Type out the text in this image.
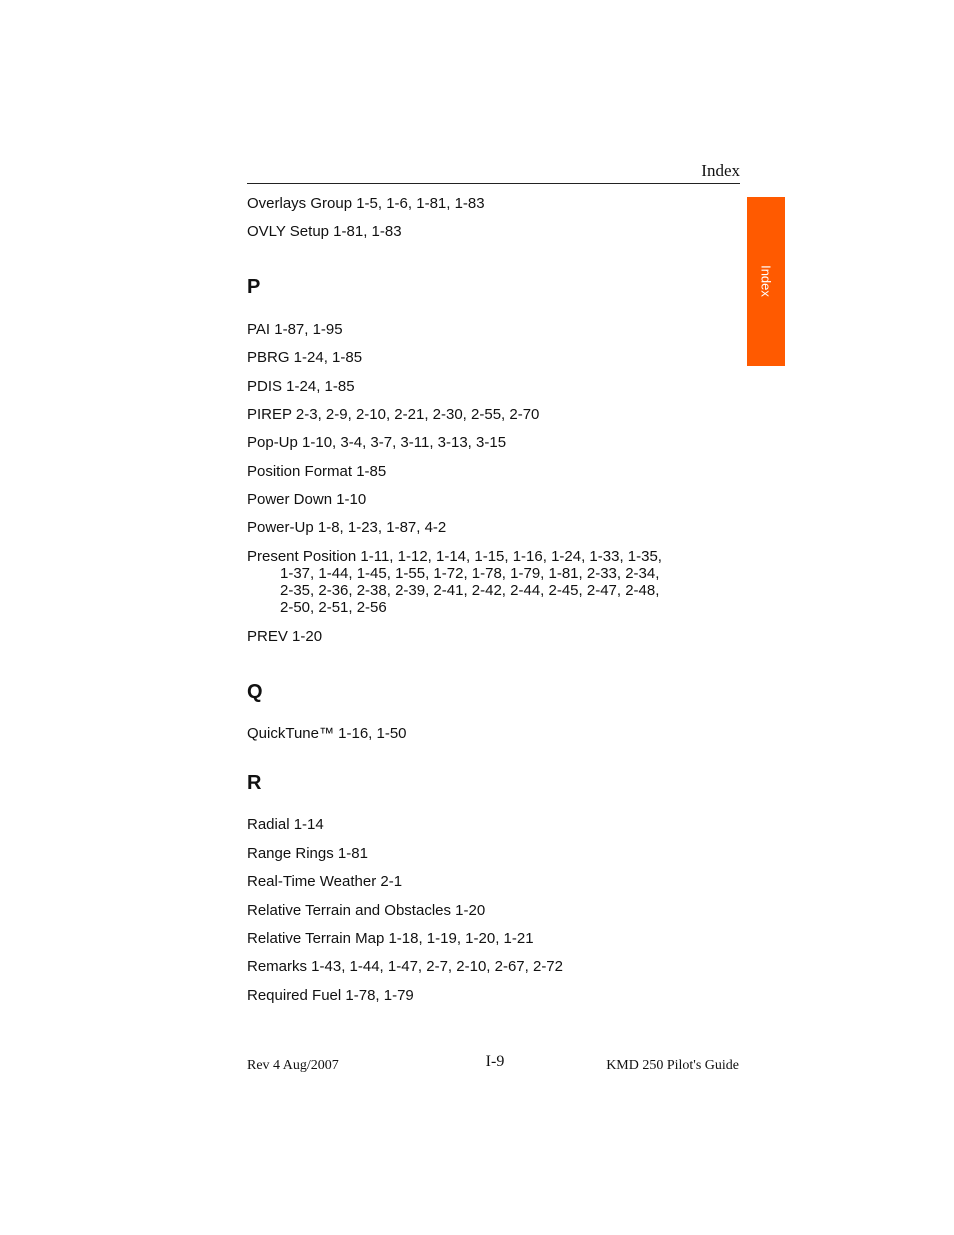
Index
Index

Overlays Group 1-5, 1-6, 1-81, 1-83

OVLY Setup 1-81, 1-83

P

PAI 1-87, 1-95

PBRG 1-24, 1-85

PDIS 1-24, 1-85

PIREP 2-3, 2-9, 2-10, 2-21, 2-30, 2-55, 2-70

Pop-Up 1-10, 3-4, 3-7, 3-11, 3-13, 3-15

Position Format 1-85

Power Down 1-10

Power-Up 1-8, 1-23, 1-87, 4-2

Present Position 1-11, 1-12, 1-14, 1-15, 1-16, 1-24, 1-33, 1-35,
1-37, 1-44, 1-45, 1-55, 1-72, 1-78, 1-79, 1-81, 2-33, 2-34,
2-35, 2-36, 2-38, 2-39, 2-41, 2-42, 2-44, 2-45, 2-47, 2-48,
2-50, 2-51, 2-56

PREV 1-20

Q

QuickTune™ 1-16, 1-50

R

Radial 1-14

Range Rings 1-81

Real-Time Weather 2-1

Relative Terrain and Obstacles 1-20

Relative Terrain Map 1-18, 1-19, 1-20, 1-21

Remarks 1-43, 1-44, 1-47, 2-7, 2-10, 2-67, 2-72

Required Fuel 1-78, 1-79

Rev 4 Aug/2007	I-9	KMD 250 Pilot's Guide
